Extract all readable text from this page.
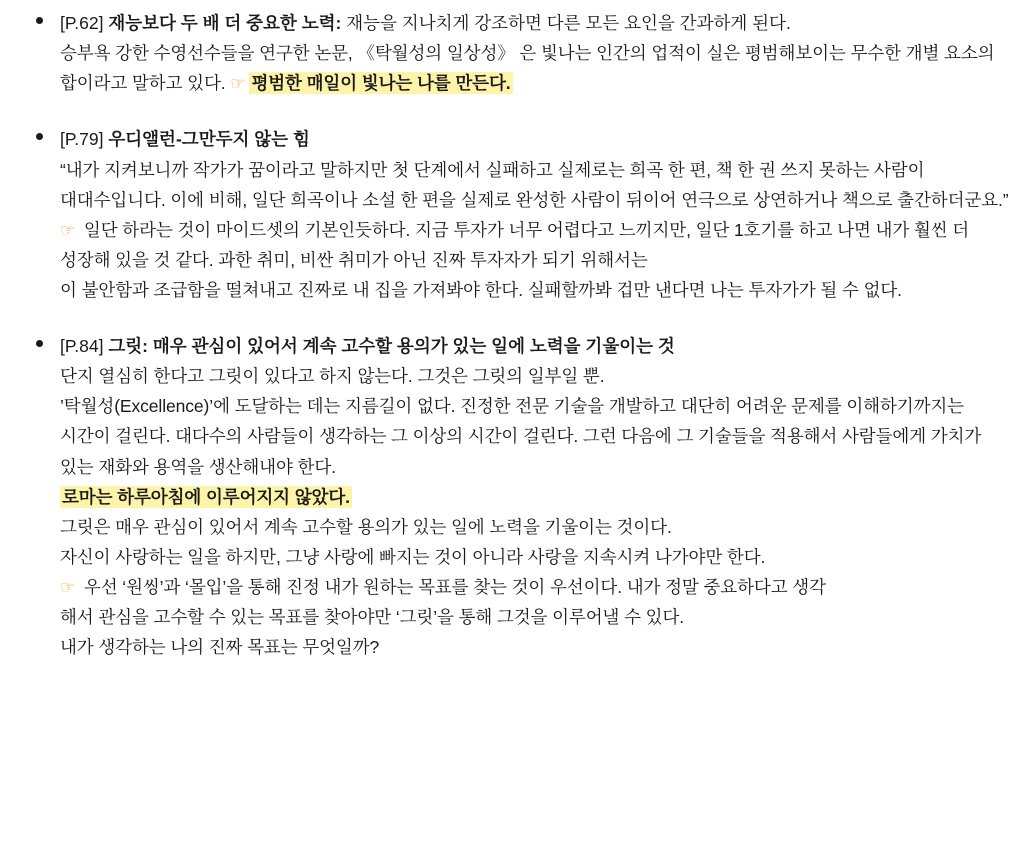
[P.62] 재능보다 두 배 더 중요한 노력: 재능을 지나치게 강조하면 다른 모든 요인을 간과하게 된다.

승부욕 강한 수영선수들을 연구한 논문, 《탁월성의 일상성》 은 빛나는 인간의 업적이 실은 평범해보이는 무수한 개별 요소의 합이라고 말하고 있다. ☞ 평범한 매일이 빛나는 나를 만든다.

[P.79] 우디앨런-그만두지 않는 힘

“내가 지켜보니까 작가가 꿈이라고 말하지만 첫 단계에서 실패하고 실제로는 희곡 한 편, 책 한 권 쓰지 못하는 사람이 대대수입니다. 이에 비해, 일단 희곡이나 소설 한 편을 실제로 완성한 사람이 뒤이어 연극으로 상연하거나 책으로 출간하더군요.”

☞ 일단 하라는 것이 마이드셋의 기본인듯하다. 지금 투자가 너무 어렵다고 느끼지만, 일단 1호기를 하고 나면 내가 훨씬 더 성장해 있을 것 같다. 과한 취미, 비싼 취미가 아닌 진짜 투자자가 되기 위해서는

이 불안함과 조급함을 떨쳐내고 진짜로 내 집을 가져봐야 한다. 실패할까봐 겁만 낸다면 나는 투자가가 될 수 없다.

[P.84] 그릿: 매우 관심이 있어서 계속 고수할 용의가 있는 일에 노력을 기울이는 것

단지 열심히 한다고 그릿이 있다고 하지 않는다. 그것은 그릿의 일부일 뿐.

’탁월성(Excellence)’에 도달하는 데는 지름길이 없다. 진정한 전문 기술을 개발하고 대단히 어려운 문제를 이해하기까지는 시간이 걸린다. 대다수의 사람들이 생각하는 그 이상의 시간이 걸린다. 그런 다음에 그 기술들을 적용해서 사람들에게 가치가 있는 재화와 용역을 생산해내야 한다.

로마는 하루아침에 이루어지지 않았다.

그릿은 매우 관심이 있어서 계속 고수할 용의가 있는 일에 노력을 기울이는 것이다.

자신이 사랑하는 일을 하지만, 그냥 사랑에 빠지는 것이 아니라 사랑을 지속시켜 나가야만 한다.

☞ 우선 ‘원씽’과 ‘몰입’을 통해 진정 내가 원하는 목표를 찾는 것이 우선이다. 내가 정말 중요하다고 생각

해서 관심을 고수할 수 있는 목표를 찾아야만 ‘그릿’을 통해 그것을 이루어낼 수 있다.

내가 생각하는 나의 진짜 목표는 무엇일까?
